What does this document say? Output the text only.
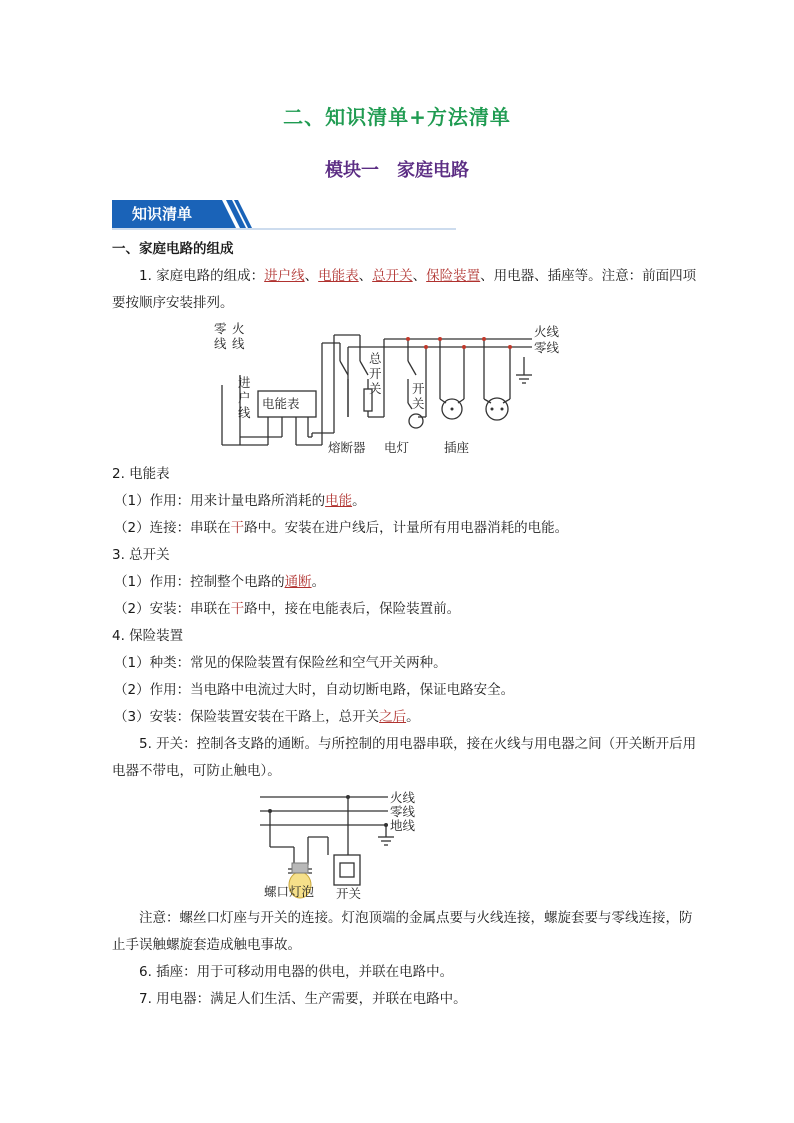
二、知识清单+方法清单
模块一　家庭电路
知识清单

一、家庭电路的组成

1. 家庭电路的组成：进户线、电能表、总开关、保险装置、用电器、插座等。注意：前面四项要按顺序安装排列。

零线
火线
进户线
电能表
总开关 开关
火线
零线
熔断器 电灯	插座

2. 电能表

（1）作用：用来计量电路所消耗的电能。

（2）连接：串联在干路中。安装在进户线后，计量所有用电器消耗的电能。

3. 总开关

（1）作用：控制整个电路的通断。

（2）安装：串联在干路中，接在电能表后，保险装置前。

4. 保险装置

（1）种类：常见的保险装置有保险丝和空气开关两种。

（2）作用：当电路中电流过大时，自动切断电路，保证电路安全。

（3）安装：保险装置安装在干路上，总开关之后。

5. 开关：控制各支路的通断。与所控制的用电器串联，接在火线与用电器之间（开关断开后用电器不带电，可防止触电）。

火线
零线
地线
螺口灯泡 开关

注意：螺丝口灯座与开关的连接。灯泡顶端的金属点要与火线连接，螺旋套要与零线连接，防止手误触螺旋套造成触电事故。

6. 插座：用于可移动用电器的供电，并联在电路中。

7. 用电器：满足人们生活、生产需要，并联在电路中。
